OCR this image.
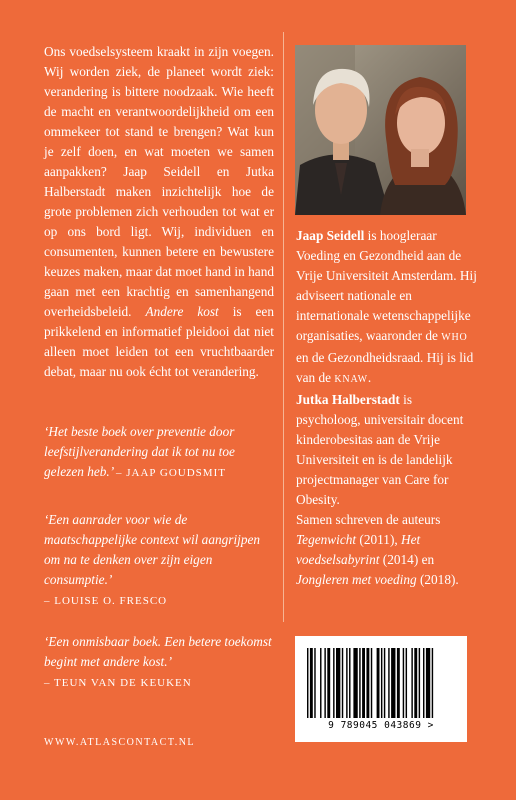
Ons voedselsysteem kraakt in zijn voegen. Wij worden ziek, de planeet wordt ziek: verandering is bittere noodzaak. Wie heeft de macht en verantwoordelijkheid om een ommekeer tot stand te brengen? Wat kun je zelf doen, en wat moeten we samen aanpakken? Jaap Seidell en Jutka Halberstadt maken inzichtelijk hoe de grote problemen zich verhouden tot wat er op ons bord ligt. Wij, individuen en consumenten, kunnen betere en bewustere keuzes maken, maar dat moet hand in hand gaan met een krachtig en samenhangend overheidsbeleid. Andere kost is een prikkelend en informatief pleidooi dat niet alleen moet leiden tot een vruchtbaarder debat, maar nu ook écht tot verandering.

‘Het beste boek over preventie door leefstijlverandering dat ik tot nu toe gelezen heb.’ – JAAP GOUDSMIT

‘Een aanrader voor wie de maatschappelijke context wil aangrijpen om na te denken over zijn eigen consumptie.’
– LOUISE O. FRESCO

‘Een onmisbaar boek. Een betere toekomst begint met andere kost.’
– TEUN VAN DE KEUKEN

WWW.ATLASCONTACT.NL

Jaap Seidell is hoogleraar Voeding en Gezondheid aan de Vrije Universiteit Amsterdam. Hij adviseert nationale en internationale wetenschappelijke organisaties, waaronder de WHO en de Gezondheidsraad. Hij is lid van de KNAW.
Jutka Halberstadt is psycholoog, universitair docent kinderobesitas aan de Vrije Universiteit en is de landelijk projectmanager van Care for Obesity.
Samen schreven de auteurs Tegenwicht (2011), Het voedselsabyrint (2014) en Jongleren met voeding (2018).

9 789045 043869 >
